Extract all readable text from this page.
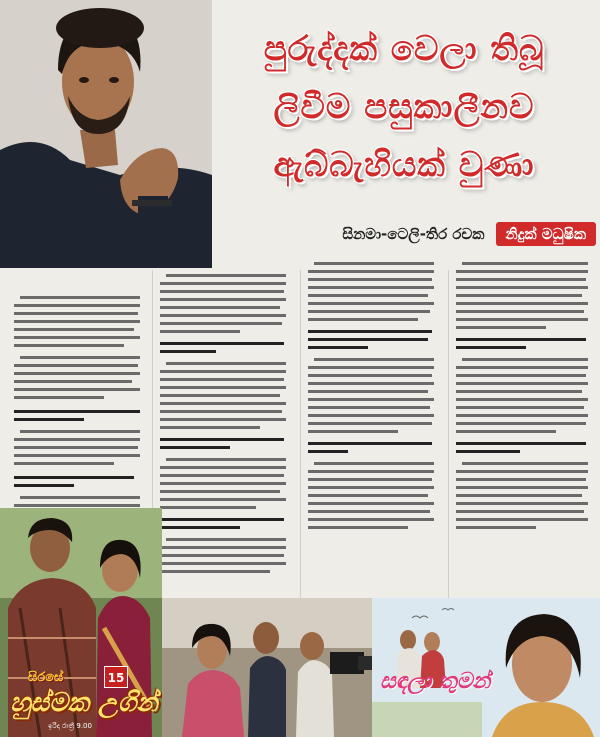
පුරුද්දක් වෙලා තිබූ
ලිවීම පසුකාලීනව
ඇබ්බැහියක් වුණා
සිනමා-ටෙලි-තිර රචක නිදුක් මධුෂික
සිරසේ	15
හුස්මක උගින්
ඉරිදා රාත්‍රී 9.00
සඳලා තුමන්
